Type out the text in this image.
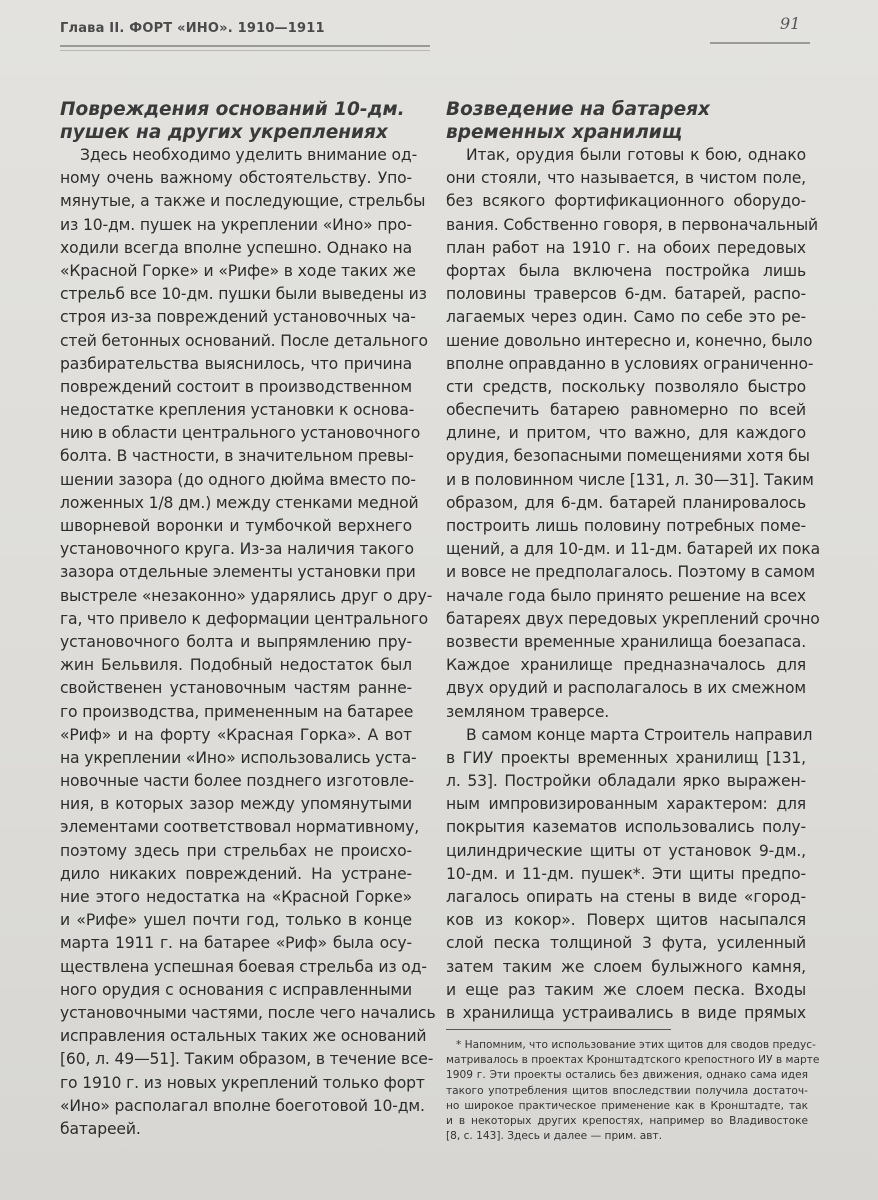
Глава II. ФОРТ «ИНО». 1910—1911	91
Повреждения оснований 10-дм.
пушек на других укреплениях
Здесь необходимо уделить внимание од-
ному очень важному обстоятельству. Упо-
мянутые, а также и последующие, стрельбы
из 10-дм. пушек на укреплении «Ино» про-
ходили всегда вполне успешно. Однако на
«Красной Горке» и «Рифе» в ходе таких же
стрельб все 10-дм. пушки были выведены из
строя из-за повреждений установочных ча-
стей бетонных оснований. После детального
разбирательства выяснилось, что причина
повреждений состоит в производственном
недостатке крепления установки к основа-
нию в области центрального установочного
болта. В частности, в значительном превы-
шении зазора (до одного дюйма вместо по-
ложенных 1/8 дм.) между стенками медной
шворневой воронки и тумбочкой верхнего
установочного круга. Из-за наличия такого
зазора отдельные элементы установки при
выстреле «незаконно» ударялись друг о дру-
га, что привело к деформации центрального
установочного болта и выпрямлению пру-
жин Бельвиля. Подобный недостаток был
свойственен установочным частям ранне-
го производства, примененным на батарее
«Риф» и на форту «Красная Горка». А вот
на укреплении «Ино» использовались уста-
новочные части более позднего изготовле-
ния, в которых зазор между упомянутыми
элементами соответствовал нормативному,
поэтому здесь при стрельбах не происхо-
дило никаких повреждений. На устране-
ние этого недостатка на «Красной Горке»
и «Рифе» ушел почти год, только в конце
марта 1911 г. на батарее «Риф» была осу-
ществлена успешная боевая стрельба из од-
ного орудия с основания с исправленными
установочными частями, после чего начались
исправления остальных таких же оснований
[60, л. 49—51]. Таким образом, в течение все-
го 1910 г. из новых укреплений только форт
«Ино» располагал вполне боеготовой 10-дм.
батареей.
Возведение на батареях
временных хранилищ
Итак, орудия были готовы к бою, однако
они стояли, что называется, в чистом поле,
без всякого фортификационного оборудо-
вания. Собственно говоря, в первоначальный
план работ на 1910 г. на обоих передовых
фортах была включена постройка лишь
половины траверсов 6-дм. батарей, распо-
лагаемых через один. Само по себе это ре-
шение довольно интересно и, конечно, было
вполне оправданно в условиях ограниченно-
сти средств, поскольку позволяло быстро
обеспечить батарею равномерно по всей
длине, и притом, что важно, для каждого
орудия, безопасными помещениями хотя бы
и в половинном числе [131, л. 30—31]. Таким
образом, для 6-дм. батарей планировалось
построить лишь половину потребных поме-
щений, а для 10-дм. и 11-дм. батарей их пока
и вовсе не предполагалось. Поэтому в самом
начале года было принято решение на всех
батареях двух передовых укреплений срочно
возвести временные хранилища боезапаса.
Каждое хранилище предназначалось для
двух орудий и располагалось в их смежном
земляном траверсе.
В самом конце марта Строитель направил
в ГИУ проекты временных хранилищ [131,
л. 53]. Постройки обладали ярко выражен-
ным импровизированным характером: для
покрытия казематов использовались полу-
цилиндрические щиты от установок 9-дм.,
10-дм. и 11-дм. пушек*. Эти щиты предпо-
лагалось опирать на стены в виде «город-
ков из кокор». Поверх щитов насыпался
слой песка толщиной 3 фута, усиленный
затем таким же слоем булыжного камня,
и еще раз таким же слоем песка. Входы
в хранилища устраивались в виде прямых
* Напомним, что использование этих щитов для сводов предус-
матривалось в проектах Кронштадтского крепостного ИУ в марте
1909 г. Эти проекты остались без движения, однако сама идея
такого употребления щитов впоследствии получила достаточ-
но широкое практическое применение как в Кронштадте, так
и в некоторых других крепостях, например во Владивостоке
[8, с. 143]. Здесь и далее — прим. авт.
